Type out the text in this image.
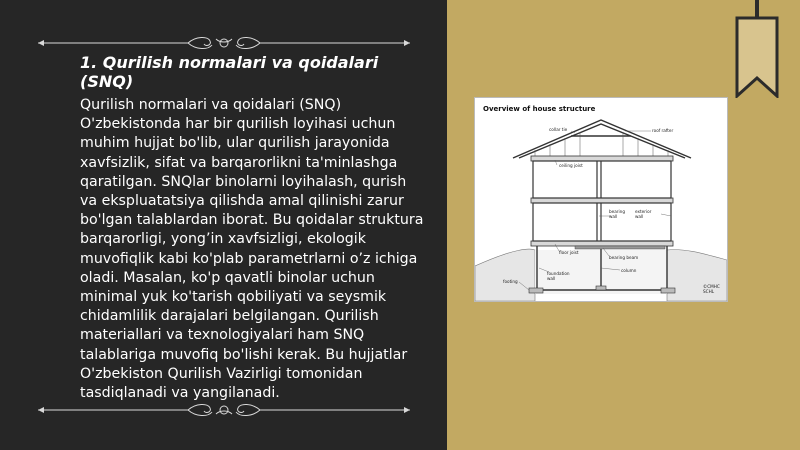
1. Qurilish normalari va qoidalari (SNQ)

Qurilish normalari va qoidalari (SNQ) O'zbekistonda har bir qurilish loyihasi uchun muhim hujjat bo'lib, ular qurilish jarayonida xavfsizlik, sifat va barqarorlikni ta'minlashga qaratilgan. SNQlar binolarni loyihalash, qurish va ekspluatatsiya qilishda amal qilinishi zarur bo'lgan talablardan iborat. Bu qoidalar struktura barqarorligi, yong’in xavfsizligi, ekologik muvofiqlik kabi ko'plab parametrlarni o’z ichiga oladi. Masalan, ko'p qavatli binolar uchun minimal yuk ko'tarish qobiliyati va seysmik chidamlilik darajalari belgilangan. Qurilish materiallari va texnologiyalari ham SNQ talablariga muvofiq bo'lishi kerak. Bu hujjatlar O'zbekiston Qurilish Vazirligi tomonidan tasdiqlanadi va yangilanadi.

Overview of house structure
collar tie	roof rafter
ceiling joist
bearing wall
exterior wall
floor joist
bearing beam
foundation wall
column
footing
©CMHC SCHL
